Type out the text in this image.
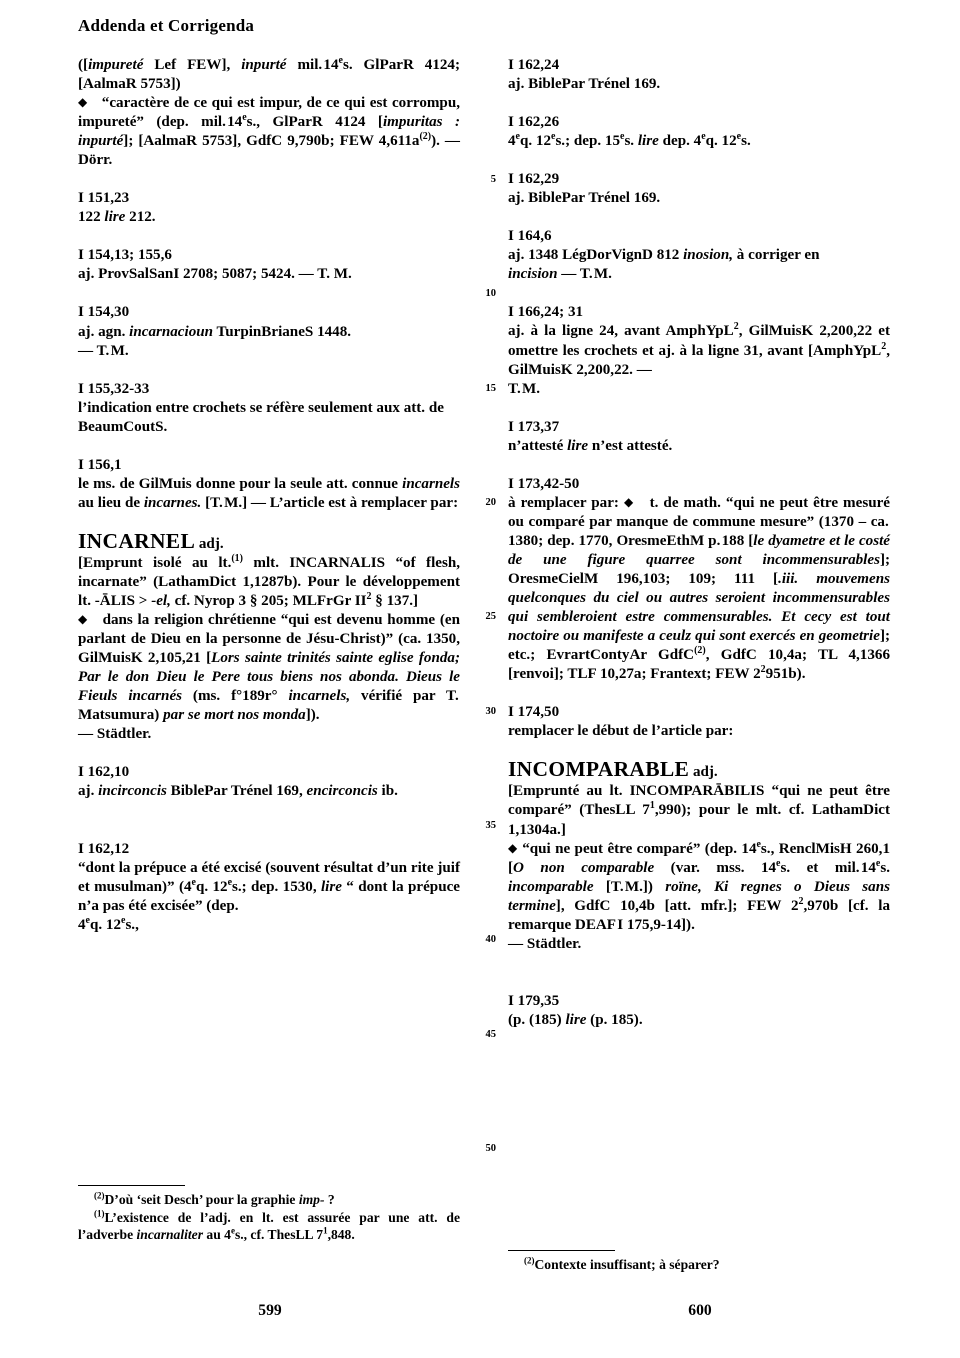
Addenda et Corrigenda
5
10
15
20
25
30
35
40
45
50

([impureté Lef FEW], inpurté mil. 14es. GlParR 4124; [AalmaR 5753])

◆   “caractère de ce qui est impur, de ce qui est corrompu, impureté” (dep. mil. 14es., GlParR 4124 [impuritas : inpurté]; [AalmaR 5753], GdfC 9,790b; FEW $4,611a^{(2)}$). — Dörr.

I 151,23

122 lire 212.

I 154,13; 155,6

aj. ProvSalSanI 2708; 5087; 5424. — T. M.

I 154,30

aj. agn. incarnacioun TurpinBrianeS 1448.

— T. M.

I 155,32-33

l’indication entre crochets se réfère seulement aux att. de BeaumCoutS.

I 156,1

le ms. de GilMuis donne pour la seule att. connue incarnels au lieu de incarnes. [T. M.] — L’article est à remplacer par:

INCARNEL adj.

[Emprunt isolé au lt.$^{(1)}$ mlt. INCARNALIS “of flesh, incarnate” (LathamDict 1,1287b). Pour le développement lt. -ĀLIS > -el, cf. Nyrop 3 § 205; MLFrGr $II^2$ § 137.]

◆   dans la religion chrétienne “qui est devenu homme (en parlant de Dieu en la personne de Jésu-Christ)” (ca. 1350, GilMuisK 2,105,21 [Lors sainte trinités sainte eglise fonda; Par le don Dieu le Pere tous biens nos abonda. Dieus le Fieuls incarnés (ms. f°189r° incarnels, vérifié par T. Matsumura) par se mort nos monda]).

— Städtler.

I 162,10

aj. incirconcis BiblePar Trénel 169, encirconcis ib.

I 162,12

“dont la prépuce a été excisé (souvent résultat d’un rite juif et musulman)” (4eq. 12es.; dep. 1530, lire “ dont la prépuce n’a pas été excisée” (dep.

4eq. 12es.,

$^{(2)}$D’où ‘seit Desch’ pour la graphie imp- ?

$^{(1)}$L’existence de l’adj. en lt. est assurée par une att. de l’adverbe incarnaliter au 4es., cf. ThesLL $7^1,848$.

I 162,24

aj. BiblePar Trénel 169.

I 162,26

4eq. 12es.; dep. 15es. lire dep. 4eq. 12es.

I 162,29

aj. BiblePar Trénel 169.

I 164,6

aj. 1348 LégDorVignD 812 inosion, à corriger en

incision — T. M.

I 166,24; 31

aj. à la ligne 24, avant AmphYpL$^2$, GilMuisK 2,200,22 et omettre les crochets et aj. à la ligne 31, avant [AmphYpL$^2$, GilMuisK 2,200,22. —

T. M.

I 173,37

n’attesté lire n’est attesté.

I 173,42-50

à remplacer par: ◆   t. de math. “qui ne peut être mesuré ou comparé par manque de commune mesure” (1370 – ca. 1380; dep. 1770, OresmeEthM p. 188 [le dyametre et le costé de une figure quarree sont incommensurables]; OresmeCielM 196,103; 109; 111 [.iii. mouvemens quelconques du ciel ou autres seroient incommensurables qui sembleroient estre commensurables. Et cecy est tout noctoire ou manifeste a ceulz qui sont exercés en geometrie]; etc.; EvrartContyAr GdfC$^{(2)}$, GdfC 10,4a; TL 4,1366 [renvoi]; TLF 10,27a; Frantext; FEW $2^2951b$).

I 174,50

remplacer le début de l’article par:

INCOMPARABLE adj.

[Emprunté au lt. INCOMPARĀBILIS “qui ne peut être comparé” (ThesLL $7^1,990$); pour le mlt. cf. LathamDict 1,1304a.]

◆ “qui ne peut être comparé” (dep. 14es., RenclMisH 260,1 [O non comparable (var. mss. 14es. et mil. 14es. incomparable [T. M.]) roïne, Ki regnes o Dieus sans termine], GdfC 10,4b [att. mfr.]; FEW $2^2,970b$ [cf. la remarque DEAF I 175,9-14]).

— Städtler.

I 179,35

(p. (185) lire (p. 185).

$^{(2)}$Contexte insuffisant; à séparer?

599	600
